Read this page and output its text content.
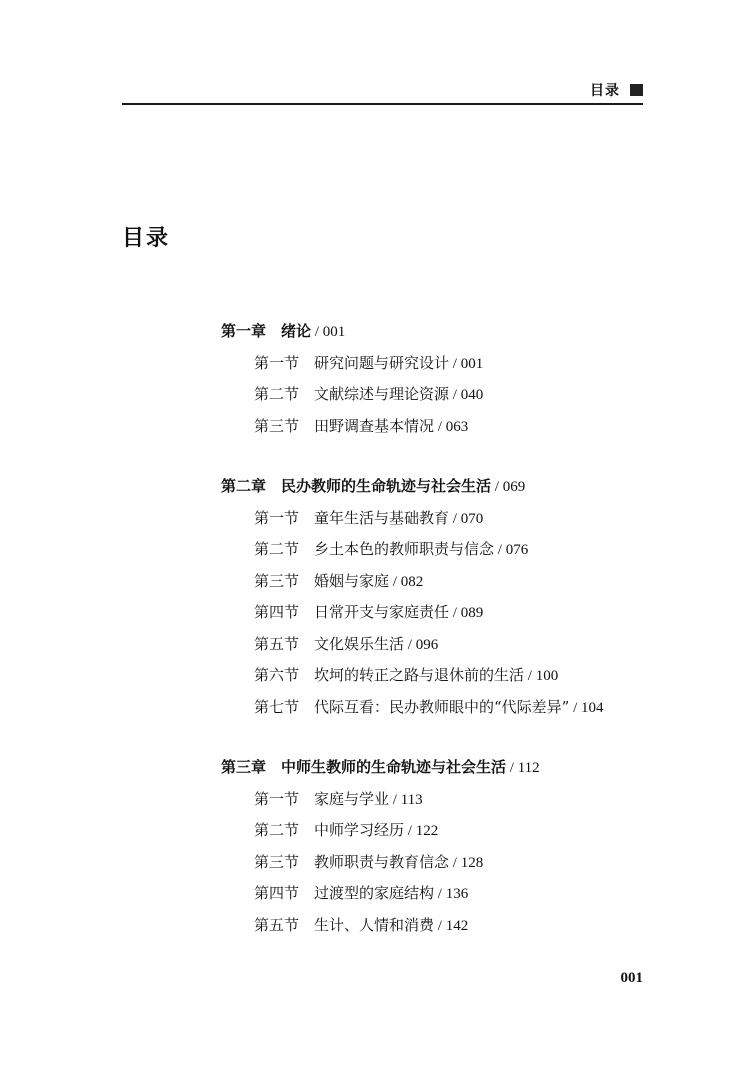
目录
目录
第一章 绪论 / 001
第一节 研究问题与研究设计 / 001
第二节 文献综述与理论资源 / 040
第三节 田野调查基本情况 / 063
第二章 民办教师的生命轨迹与社会生活 / 069
第一节 童年生活与基础教育 / 070
第二节 乡土本色的教师职责与信念 / 076
第三节 婚姻与家庭 / 082
第四节 日常开支与家庭责任 / 089
第五节 文化娱乐生活 / 096
第六节 坎坷的转正之路与退休前的生活 / 100
第七节 代际互看：民办教师眼中的“代际差异” / 104
第三章 中师生教师的生命轨迹与社会生活 / 112
第一节 家庭与学业 / 113
第二节 中师学习经历 / 122
第三节 教师职责与教育信念 / 128
第四节 过渡型的家庭结构 / 136
第五节 生计、人情和消费 / 142
001
